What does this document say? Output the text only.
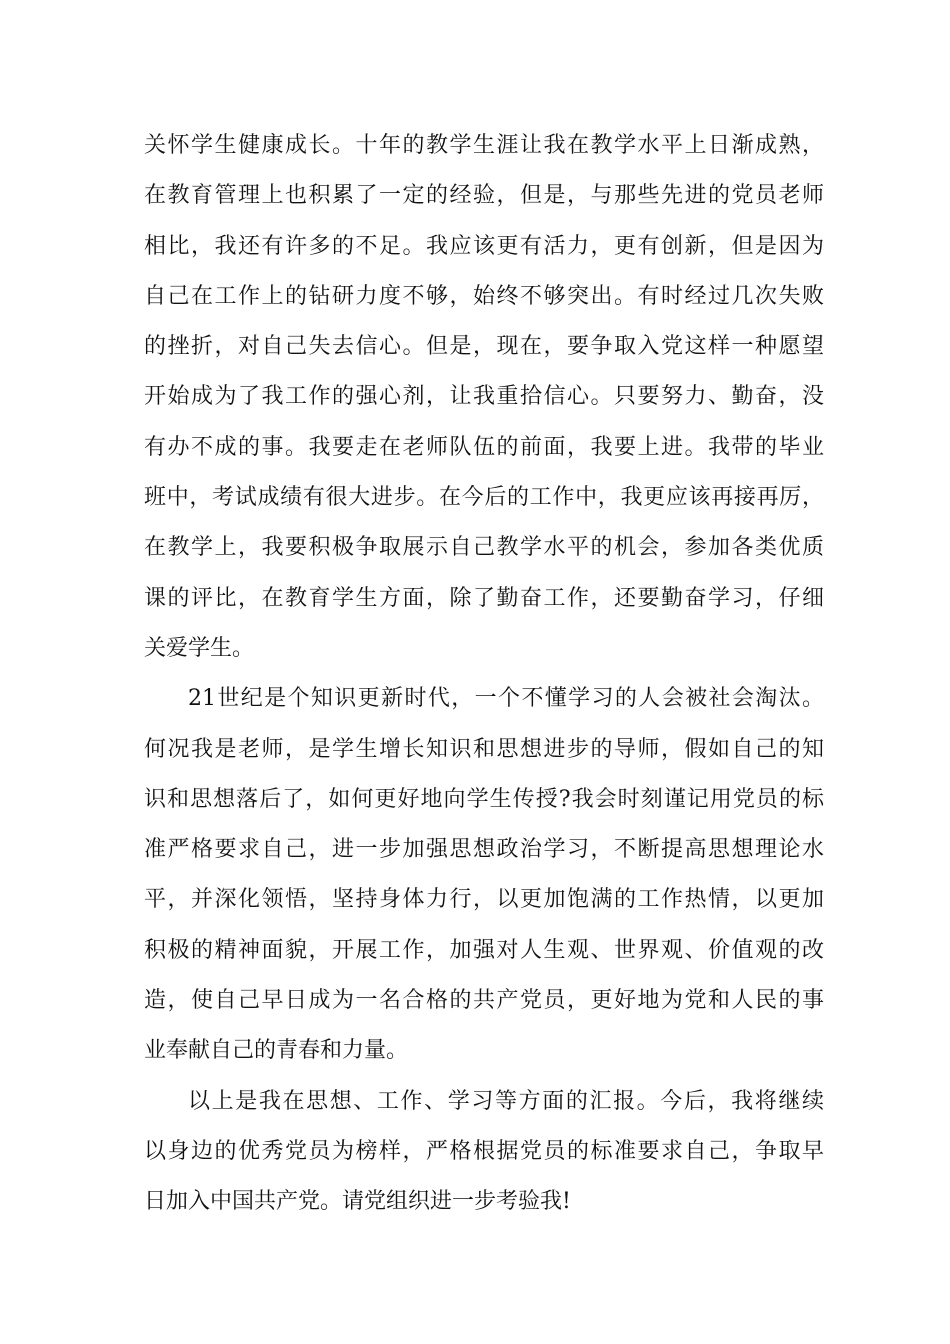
关怀学生健康成长。十年的教学生涯让我在教学水平上日渐成熟，
在教育管理上也积累了一定的经验，但是，与那些先进的党员老师
相比，我还有许多的不足。我应该更有活力，更有创新，但是因为
自己在工作上的钻研力度不够，始终不够突出。有时经过几次失败
的挫折，对自己失去信心。但是，现在，要争取入党这样一种愿望
开始成为了我工作的强心剂，让我重拾信心。只要努力、勤奋，没
有办不成的事。我要走在老师队伍的前面，我要上进。我带的毕业
班中，考试成绩有很大进步。在今后的工作中，我更应该再接再厉，
在教学上，我要积极争取展示自己教学水平的机会，参加各类优质
课的评比，在教育学生方面，除了勤奋工作，还要勤奋学习，仔细
关爱学生。
21世纪是个知识更新时代，一个不懂学习的人会被社会淘汰。
何况我是老师，是学生增长知识和思想进步的导师，假如自己的知
识和思想落后了，如何更好地向学生传授?我会时刻谨记用党员的标
准严格要求自己，进一步加强思想政治学习，不断提高思想理论水
平，并深化领悟，坚持身体力行，以更加饱满的工作热情，以更加
积极的精神面貌，开展工作，加强对人生观、世界观、价值观的改
造，使自己早日成为一名合格的共产党员，更好地为党和人民的事
业奉献自己的青春和力量。
以上是我在思想、工作、学习等方面的汇报。今后，我将继续
以身边的优秀党员为榜样，严格根据党员的标准要求自己，争取早
日加入中国共产党。请党组织进一步考验我!
